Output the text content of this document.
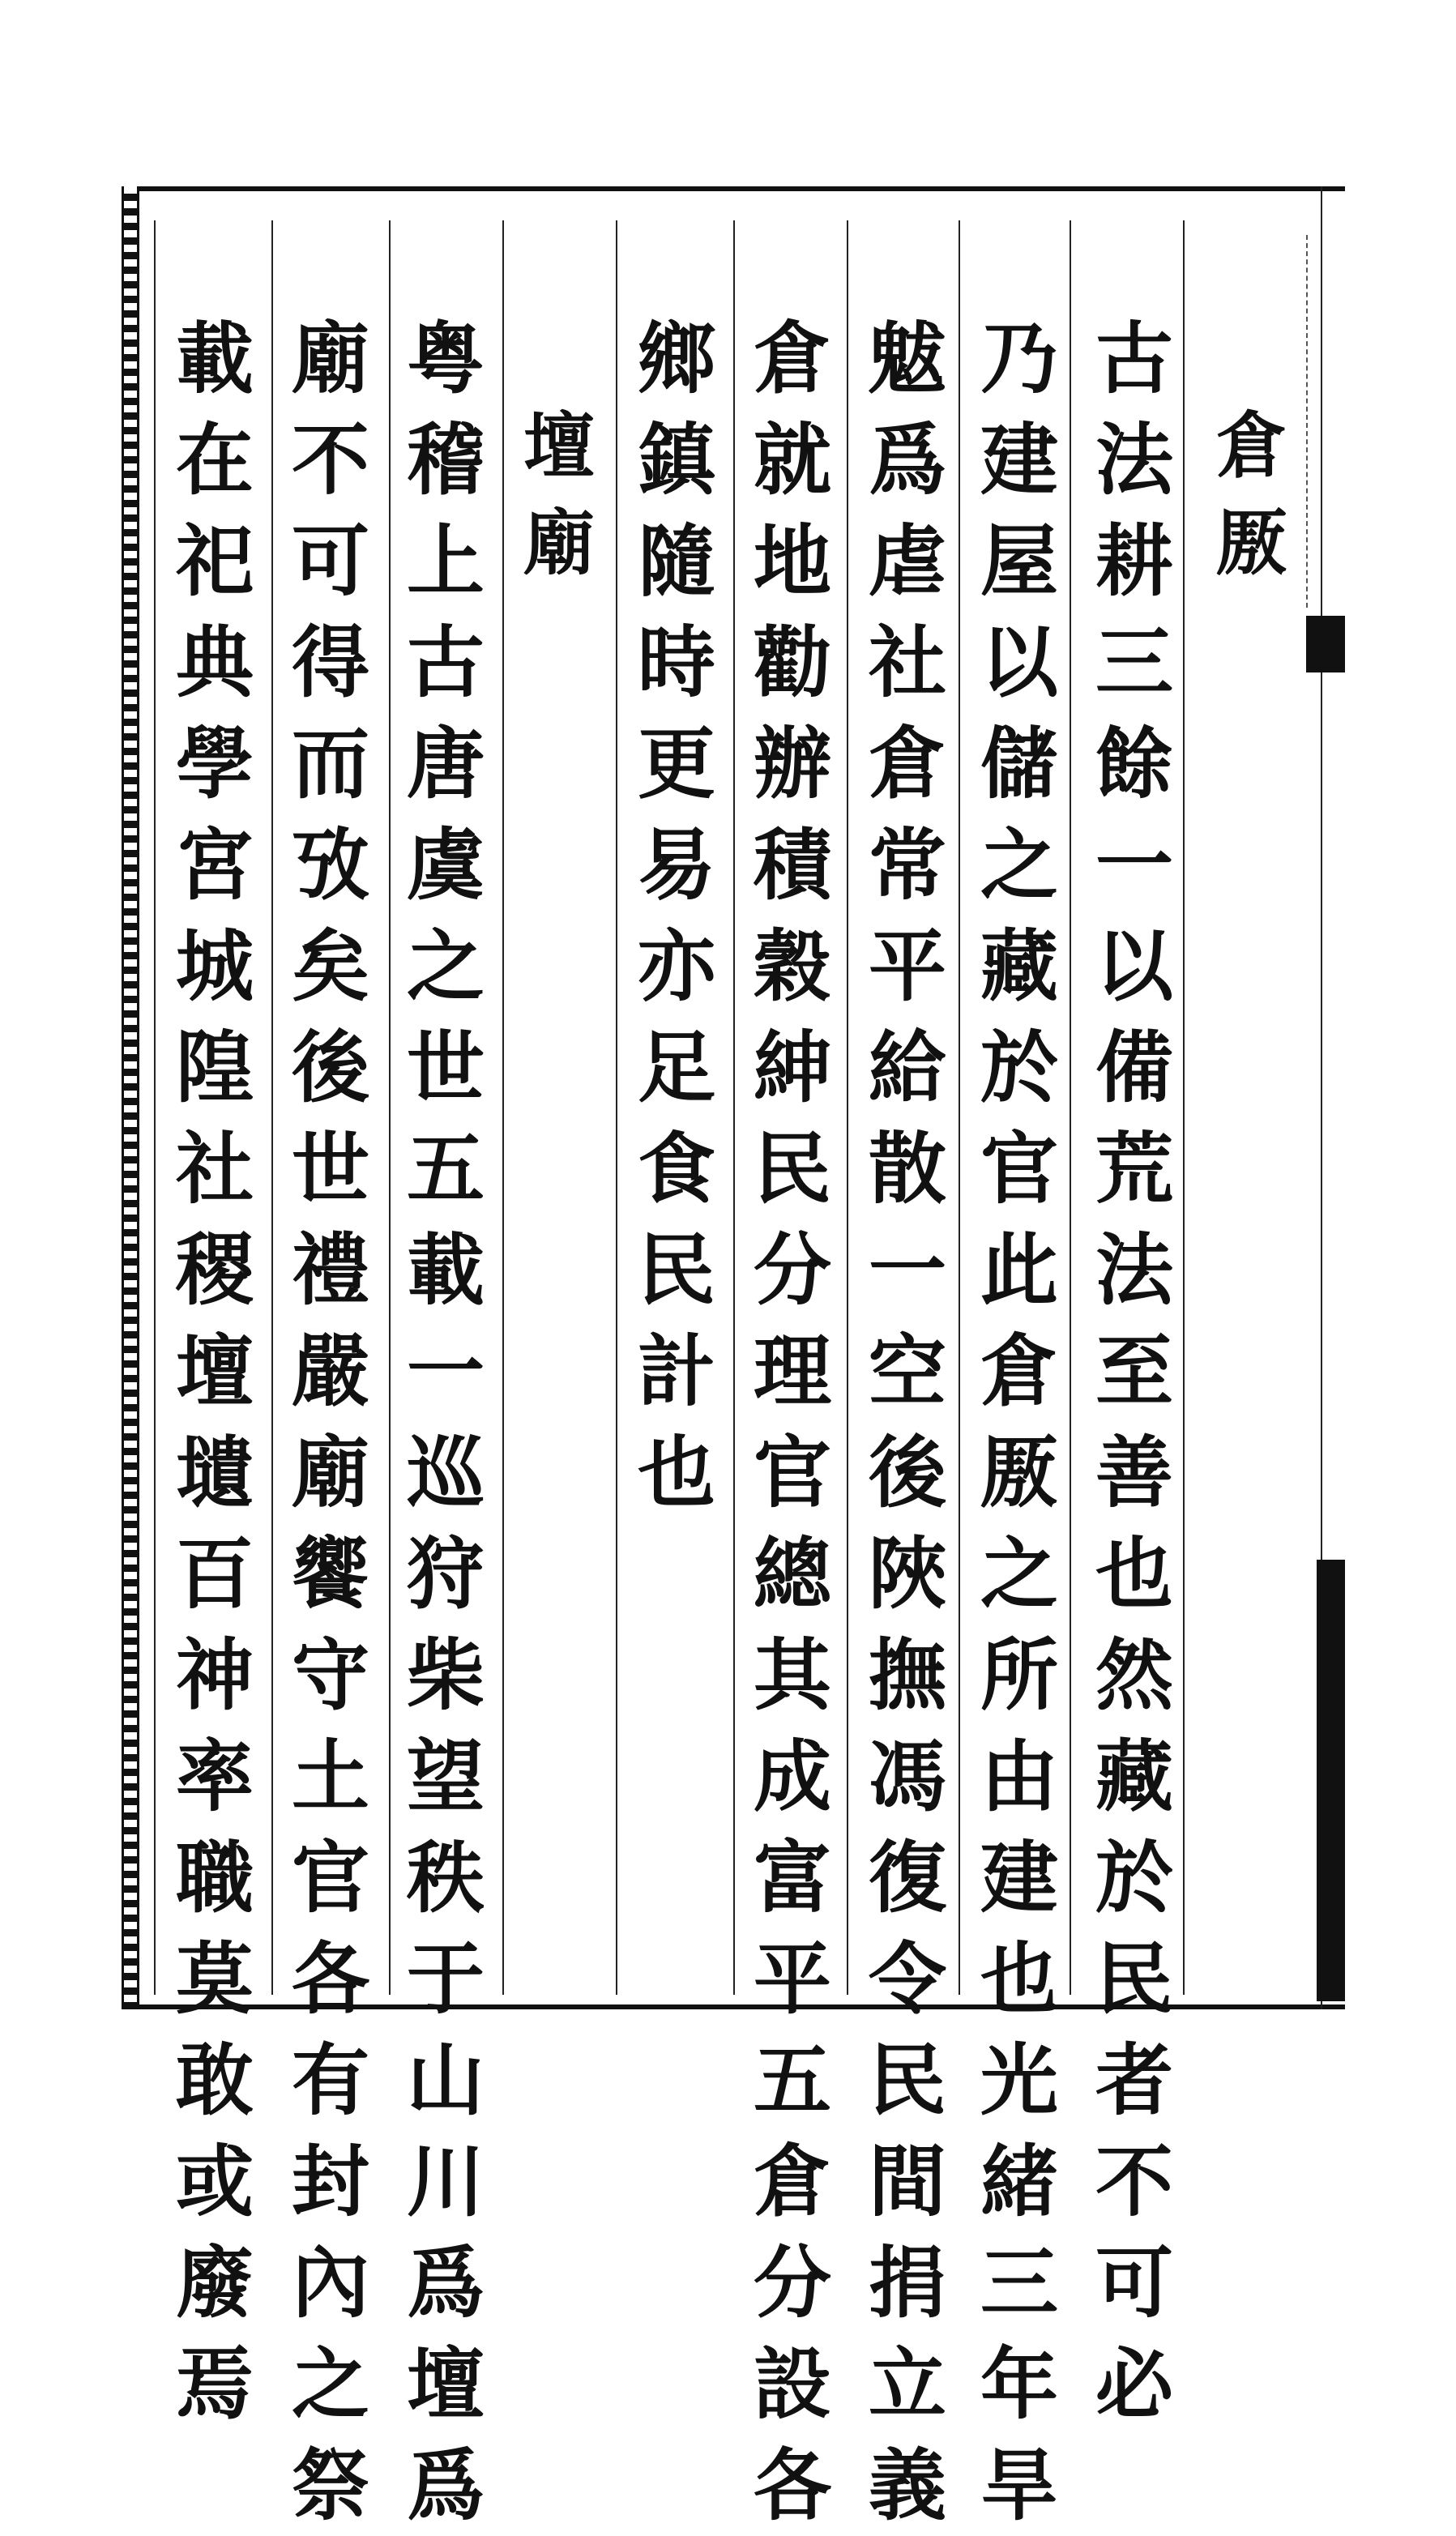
倉
厫
古
法
耕
三
餘
一
以
備
荒
法
至
善
也
然
藏
於
民
者
不
可
必
乃
建
屋
以
儲
之
藏
於
官
此
倉
厫
之
所
由
建
也
光
緒
三
年
旱
魃
爲
虐
社
倉
常
平
給
散
一
空
後
陜
撫
馮
復
令
民
間
捐
立
義
倉
就
地
勸
辦
積
穀
紳
民
分
理
官
總
其
成
富
平
五
倉
分
設
各
鄉
鎮
隨
時
更
易
亦
足
食
民
計
也
壇
廟
粤
稽
上
古
唐
虞
之
世
五
載
一
巡
狩
柴
望
秩
于
山
川
爲
壇
爲
廟
不
可
得
而
攷
矣
後
世
禮
嚴
廟
饗
守
土
官
各
有
封
內
之
祭
載
在
祀
典
學
宮
城
隍
社
稷
壇
壝
百
神
率
職
莫
敢
或
廢
焉
